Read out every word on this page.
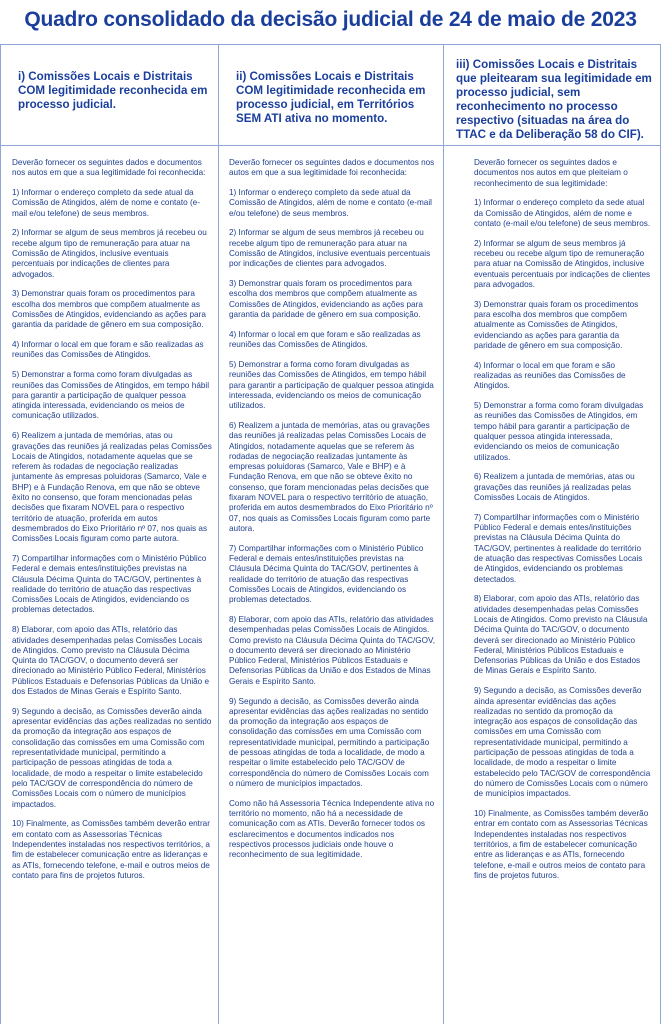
Quadro consolidado da decisão judicial de 24 de maio de 2023
i) Comissões Locais e Distritais COM legitimidade reconhecida em processo judicial.
ii) Comissões Locais e Distritais COM legitimidade reconhecida em processo judicial, em Territórios SEM ATI ativa no momento.
iii) Comissões Locais e Distritais que pleitearam sua legitimidade em processo judicial, sem reconhecimento no processo respectivo (situadas na área do TTAC e da Deliberação 58 do CIF).

Deverão fornecer os seguintes dados e documentos nos autos em que a sua legitimidade foi reconhecida:

1) Informar o endereço completo da sede atual da Comissão de Atingidos, além de nome e contato (e-mail e/ou telefone) de seus membros.

2) Informar se algum de seus membros já recebeu ou recebe algum tipo de remuneração para atuar na Comissão de Atingidos, inclusive eventuais percentuais por indicações de clientes para advogados.

3) Demonstrar quais foram os procedimentos para escolha dos membros que compõem atualmente as Comissões de Atingidos, evidenciando as ações para garantia da paridade de gênero em sua composição.

4) Informar o local em que foram e são realizadas as reuniões das Comissões de Atingidos.

5) Demonstrar a forma como foram divulgadas as reuniões das Comissões de Atingidos, em tempo hábil para garantir a participação de qualquer pessoa atingida interessada, evidenciando os meios de comunicação utilizados.

6) Realizem a juntada de memórias, atas ou gravações das reuniões já realizadas pelas Comissões Locais de Atingidos, notadamente aquelas que se referem às rodadas de negociação realizadas juntamente às empresas poluidoras (Samarco, Vale e BHP) e à Fundação Renova, em que não se obteve êxito no consenso, que foram mencionadas pelas decisões que fixaram NOVEL para o respectivo território de atuação, proferida em autos desmembrados do Eixo Prioritário nº 07, nos quais as Comissões Locais figuram como parte autora.

7) Compartilhar informações com o Ministério Público Federal e demais entes/instituições previstas na Cláusula Décima Quinta do TAC/GOV, pertinentes à realidade do território de atuação das respectivas Comissões Locais de Atingidos, evidenciando os problemas detectados.

8) Elaborar, com apoio das ATIs, relatório das atividades desempenhadas pelas Comissões Locais de Atingidos. Como previsto na Cláusula Décima Quinta do TAC/GOV, o documento deverá ser direcionado ao Ministério Público Federal, Ministérios Públicos Estaduais e Defensorias Públicas da União e dos Estados de Minas Gerais e Espírito Santo.

9) Segundo a decisão, as Comissões deverão ainda apresentar evidências das ações realizadas no sentido da promoção da integração aos espaços de consolidação das comissões em uma Comissão com representatividade municipal, permitindo a participação de pessoas atingidas de toda a localidade, de modo a respeitar o limite estabelecido pelo TAC/GOV de correspondência do número de Comissões Locais com o número de municípios impactados.

10) Finalmente, as Comissões também deverão entrar em contato com as Assessorias Técnicas Independentes instaladas nos respectivos territórios, a fim de estabelecer comunicação entre as lideranças e as ATIs, fornecendo telefone, e-mail e outros meios de contato para fins de projetos futuros.

Deverão fornecer os seguintes dados e documentos nos autos em que a sua legitimidade foi reconhecida:

1) Informar o endereço completo da sede atual da Comissão de Atingidos, além de nome e contato (e-mail e/ou telefone) de seus membros.

2) Informar se algum de seus membros já recebeu ou recebe algum tipo de remuneração para atuar na Comissão de Atingidos, inclusive eventuais percentuais por indicações de clientes para advogados.

3) Demonstrar quais foram os procedimentos para escolha dos membros que compõem atualmente as Comissões de Atingidos, evidenciando as ações para garantia da paridade de gênero em sua composição.

4) Informar o local em que foram e são realizadas as reuniões das Comissões de Atingidos.

5) Demonstrar a forma como foram divulgadas as reuniões das Comissões de Atingidos, em tempo hábil para garantir a participação de qualquer pessoa atingida interessada, evidenciando os meios de comunicação utilizados.

6) Realizem a juntada de memórias, atas ou gravações das reuniões já realizadas pelas Comissões Locais de Atingidos, notadamente aquelas que se referem às rodadas de negociação realizadas juntamente às empresas poluidoras (Samarco, Vale e BHP) e à Fundação Renova, em que não se obteve êxito no consenso, que foram mencionadas pelas decisões que fixaram NOVEL para o respectivo território de atuação, proferida em autos desmembrados do Eixo Prioritário nº 07, nos quais as Comissões Locais figuram como parte autora.

7) Compartilhar informações com o Ministério Público Federal e demais entes/instituições previstas na Cláusula Décima Quinta do TAC/GOV, pertinentes à realidade do território de atuação das respectivas Comissões Locais de Atingidos, evidenciando os problemas detectados.

8) Elaborar, com apoio das ATIs, relatório das atividades desempenhadas pelas Comissões Locais de Atingidos. Como previsto na Cláusula Décima Quinta do TAC/GOV, o documento deverá ser direcionado ao Ministério Público Federal, Ministérios Públicos Estaduais e Defensorias Públicas da União e dos Estados de Minas Gerais e Espírito Santo.

9) Segundo a decisão, as Comissões deverão ainda apresentar evidências das ações realizadas no sentido da promoção da integração aos espaços de consolidação das comissões em uma Comissão com representatividade municipal, permitindo a participação de pessoas atingidas de toda a localidade, de modo a respeitar o limite estabelecido pelo TAC/GOV de correspondência do número de Comissões Locais com o número de municípios impactados.

Como não há Assessoria Técnica Independente ativa no território no momento, não há a necessidade de comunicação com as ATIs. Deverão fornecer todos os esclarecimentos e documentos indicados nos respectivos processos judiciais onde houve o reconhecimento de sua legitimidade.

Deverão fornecer os seguintes dados e documentos nos autos em que pleiteiam o reconhecimento de sua legitimidade:

1) Informar o endereço completo da sede atual da Comissão de Atingidos, além de nome e contato (e-mail e/ou telefone) de seus membros.

2) Informar se algum de seus membros já recebeu ou recebe algum tipo de remuneração para atuar na Comissão de Atingidos, inclusive eventuais percentuais por indicações de clientes para advogados.

3) Demonstrar quais foram os procedimentos para escolha dos membros que compõem atualmente as Comissões de Atingidos, evidenciando as ações para garantia da paridade de gênero em sua composição.

4) Informar o local em que foram e são realizadas as reuniões das Comissões de Atingidos.

5) Demonstrar a forma como foram divulgadas as reuniões das Comissões de Atingidos, em tempo hábil para garantir a participação de qualquer pessoa atingida interessada, evidenciando os meios de comunicação utilizados.

6) Realizem a juntada de memórias, atas ou gravações das reuniões já realizadas pelas Comissões Locais de Atingidos.

7) Compartilhar informações com o Ministério Público Federal e demais entes/instituições previstas na Cláusula Décima Quinta do TAC/GOV, pertinentes à realidade do território de atuação das respectivas Comissões Locais de Atingidos, evidenciando os problemas detectados.

8) Elaborar, com apoio das ATIs, relatório das atividades desempenhadas pelas Comissões Locais de Atingidos. Como previsto na Cláusula Décima Quinta do TAC/GOV, o documento deverá ser direcionado ao Ministério Público Federal, Ministérios Públicos Estaduais e Defensorias Públicas da União e dos Estados de Minas Gerais e Espírito Santo.

9) Segundo a decisão, as Comissões deverão ainda apresentar evidências das ações realizadas no sentido da promoção da integração aos espaços de consolidação das comissões em uma Comissão com representatividade municipal, permitindo a participação de pessoas atingidas de toda a localidade, de modo a respeitar o limite estabelecido pelo TAC/GOV de correspondência do número de Comissões Locais com o número de municípios impactados.

10) Finalmente, as Comissões também deverão entrar em contato com as Assessorias Técnicas Independentes instaladas nos respectivos territórios, a fim de estabelecer comunicação entre as lideranças e as ATIs, fornecendo telefone, e-mail e outros meios de contato para fins de projetos futuros.
